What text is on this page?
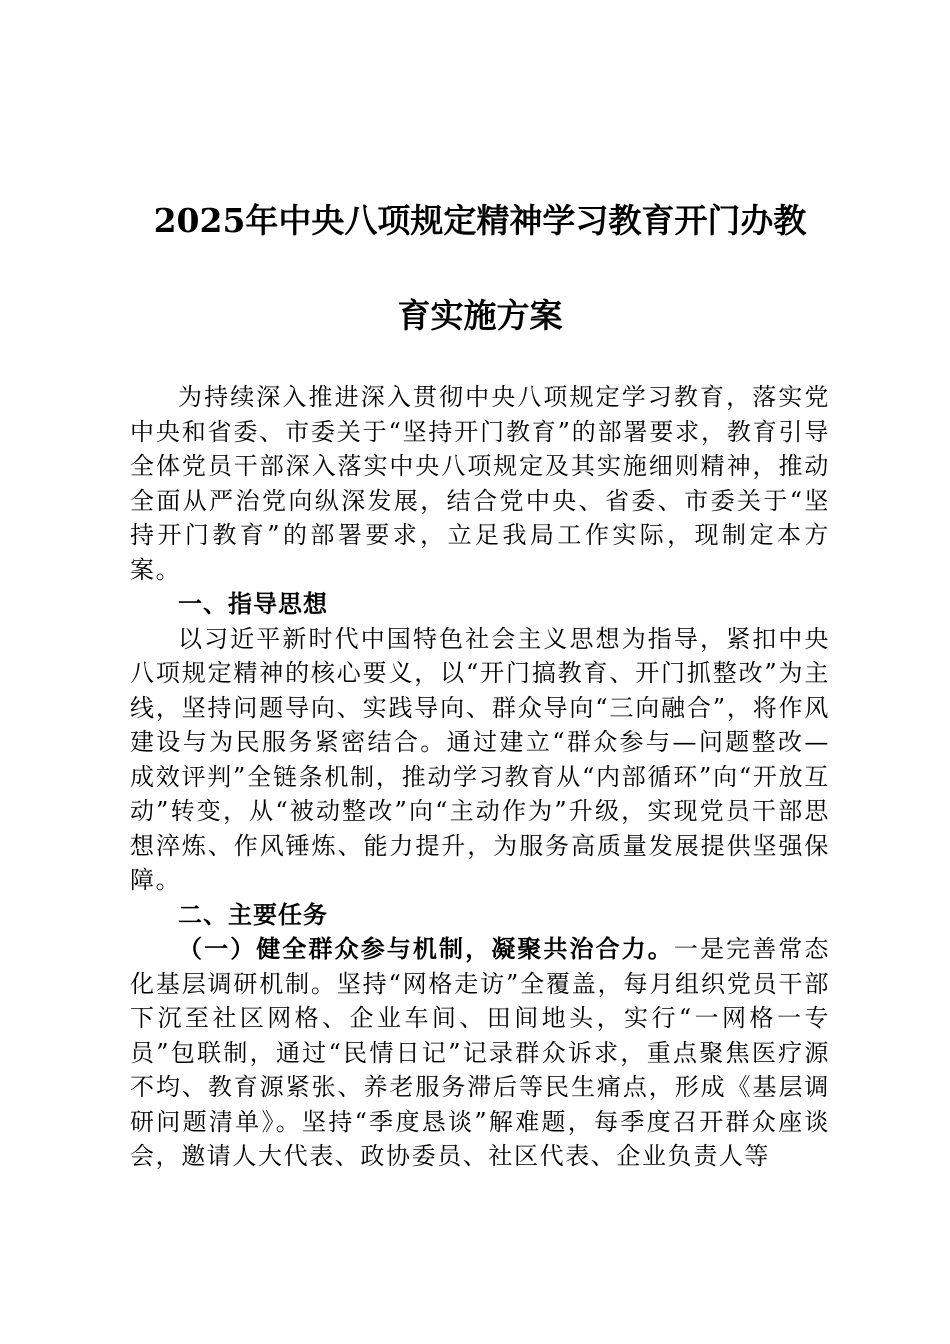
2025年中央八项规定精神学习教育开门办教
育实施方案

为持续深入推进深入贯彻中央八项规定学习教育，落实党中央和省委、市委关于“坚持开门教育”的部署要求，教育引导全体党员干部深入落实中央八项规定及其实施细则精神，推动全面从严治党向纵深发展，结合党中央、省委、市委关于“坚持开门教育”的部署要求，立足我局工作实际，现制定本方案。

一、指导思想

以习近平新时代中国特色社会主义思想为指导，紧扣中央八项规定精神的核心要义，以“开门搞教育、开门抓整改”为主线，坚持问题导向、实践导向、群众导向“三向融合”，将作风建设与为民服务紧密结合。通过建立“群众参与—问题整改—成效评判”全链条机制，推动学习教育从“内部循环”向“开放互动”转变，从“被动整改”向“主动作为”升级，实现党员干部思想淬炼、作风锤炼、能力提升，为服务高质量发展提供坚强保障。

二、主要任务

（一）健全群众参与机制，凝聚共治合力。一是完善常态化基层调研机制。坚持“网格走访”全覆盖，每月组织党员干部下沉至社区网格、企业车间、田间地头，实行“一网格一专员”包联制，通过“民情日记”记录群众诉求，重点聚焦医疗源不均、教育源紧张、养老服务滞后等民生痛点，形成《基层调研问题清单》。坚持“季度恳谈”解难题，每季度召开群众座谈会，邀请人大代表、政协委员、社区代表、企业负责人等
